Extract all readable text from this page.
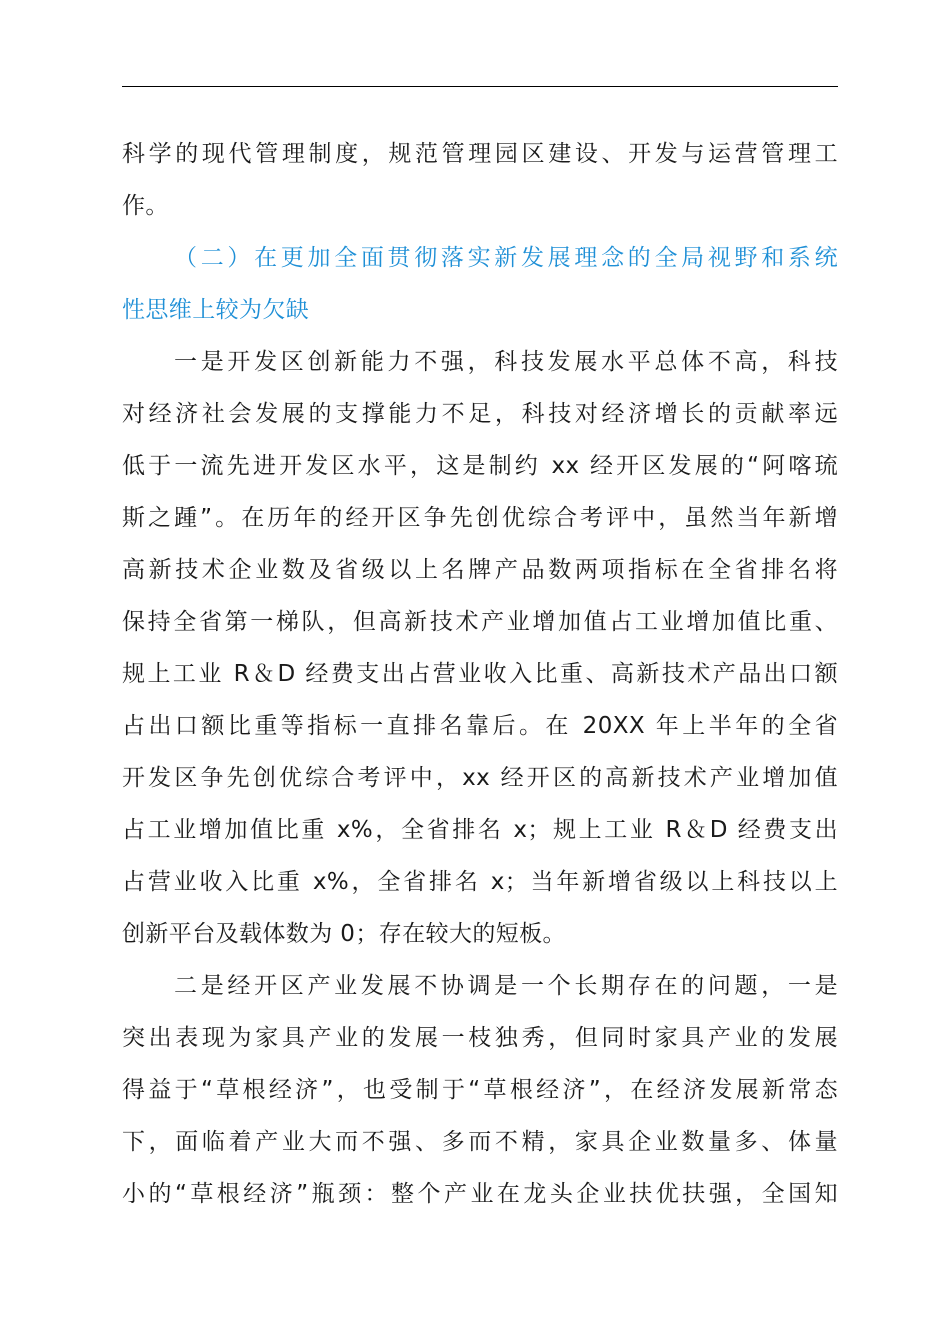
科学的现代管理制度，规范管理园区建设、开发与运营管理工
作。
（二）在更加全面贯彻落实新发展理念的全局视野和系统
性思维上较为欠缺
一是开发区创新能力不强，科技发展水平总体不高，科技
对经济社会发展的支撑能力不足，科技对经济增长的贡献率远
低于一流先进开发区水平，这是制约 xx 经开区发展的“阿喀琉
斯之踵”。在历年的经开区争先创优综合考评中，虽然当年新增
高新技术企业数及省级以上名牌产品数两项指标在全省排名将
保持全省第一梯队，但高新技术产业增加值占工业增加值比重、
规上工业 R＆D 经费支出占营业收入比重、高新技术产品出口额
占出口额比重等指标一直排名靠后。在 20XX 年上半年的全省
开发区争先创优综合考评中，xx 经开区的高新技术产业增加值
占工业增加值比重 x%，全省排名 x；规上工业 R＆D 经费支出
占营业收入比重 x%，全省排名 x；当年新增省级以上科技以上
创新平台及载体数为 0；存在较大的短板。
二是经开区产业发展不协调是一个长期存在的问题，一是
突出表现为家具产业的发展一枝独秀，但同时家具产业的发展
得益于“草根经济”，也受制于“草根经济”，在经济发展新常态
下，面临着产业大而不强、多而不精，家具企业数量多、体量
小的“草根经济”瓶颈：整个产业在龙头企业扶优扶强，全国知
